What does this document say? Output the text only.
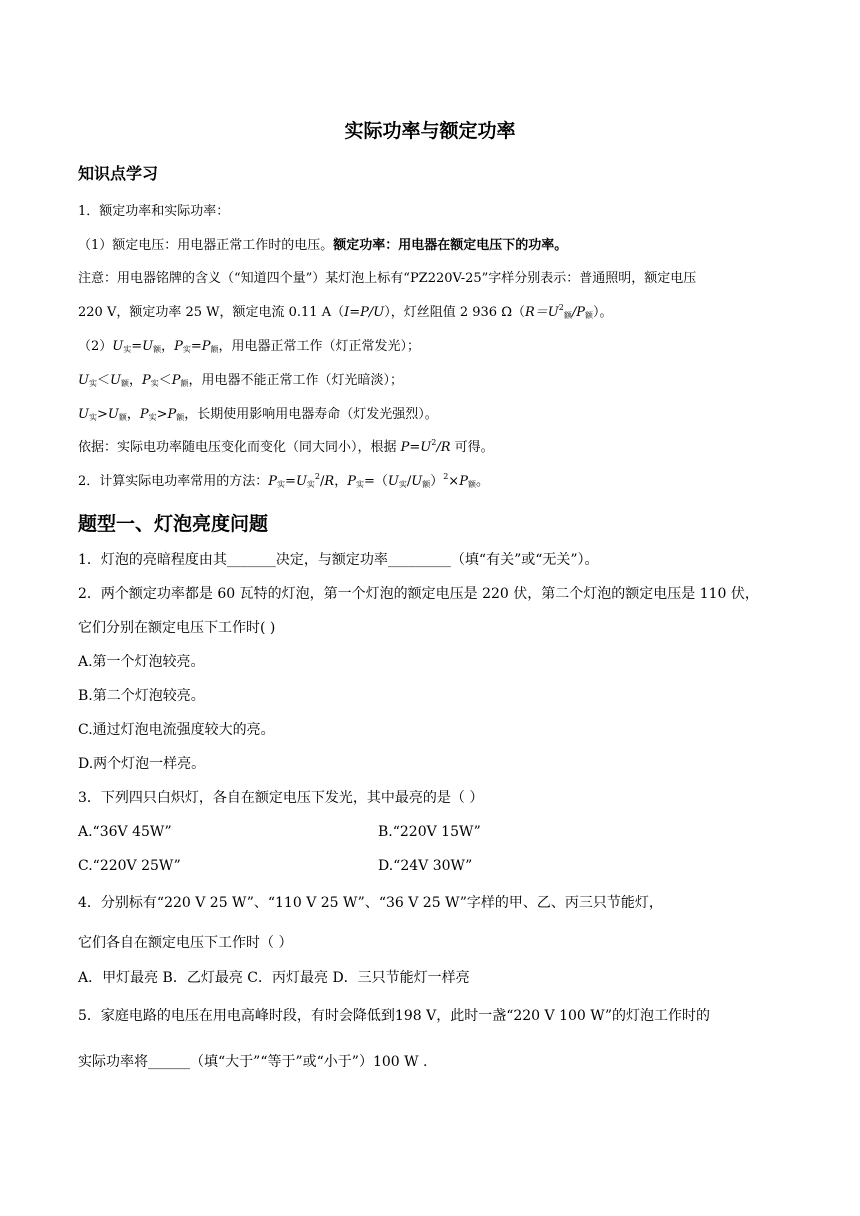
实际功率与额定功率
知识点学习
1．额定功率和实际功率：
（1）额定电压：用电器正常工作时的电压。额定功率：用电器在额定电压下的功率。
注意：用电器铭牌的含义（“知道四个量”）某灯泡上标有“PZ220V-25”字样分别表示：普通照明，额定电压
220 V，额定功率 25 W，额定电流 0.11 A（I=P/U），灯丝阻值 2 936 $\Omega(R=U^2_额/P_额)$。
$(2)U_实=U_额$，$P_实=P_额$，用电器正常工作（灯正常发光）；
$U_实<U_额$，$P_实<P_额$，用电器不能正常工作（灯光暗淡）；
$U_实>U_额$，$P_实>P_额$，长期使用影响用电器寿命（灯发光强烈）。
依据：实际电功率随电压变化而变化（同大同小），根据 $P=U^2/R$ 可得。
2．计算实际电功率常用的方法：$P_实=U_实^2/R$，$P_实=(U_实/U_额)^2\times P_额$。
题型一、灯泡亮度问题
1．灯泡的亮暗程度由其_______决定，与额定功率_________（填“有关”或“无关”）。
2．两个额定功率都是 60 瓦特的灯泡，第一个灯泡的额定电压是 220 伏，第二个灯泡的额定电压是 110 伏，
它们分别在额定电压下工作时( )
A.第一个灯泡较亮。
B.第二个灯泡较亮。
C.通过灯泡电流强度较大的亮。
D.两个灯泡一样亮。
3．下列四只白炽灯，各自在额定电压下发光，其中最亮的是（ ）
A.“36V 45W”	B.“220V 15W”
C.“220V 25W”	D.“24V 30W”
4．分别标有“220 V 25 W”、“110 V 25 W”、“36 V 25 W”字样的甲、乙、丙三只节能灯，
它们各自在额定电压下工作时（ ）
A．甲灯最亮 B．乙灯最亮 C．丙灯最亮 D．三只节能灯一样亮
5．家庭电路的电压在用电高峰时段，有时会降低到198 V，此时一盏“220 V 100 W”的灯泡工作时的
实际功率将______（填“大于”“等于”或“小于”）100 W .
